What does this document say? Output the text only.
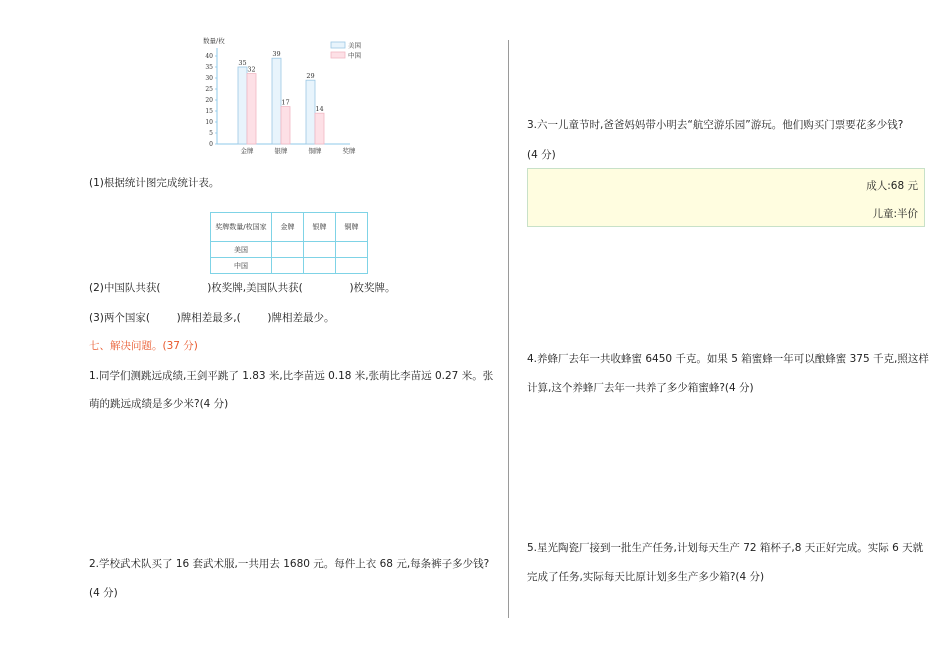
0
5
10
15
20
25
30
35
40
35
32
39
17
29
14
金牌	银牌	铜牌	奖牌
数量/枚
美国
中国
(1)根据统计图完成统计表。
奖牌数量/枚国家	金牌	银牌	铜牌
美国			
中国			
(2)中国队共获(              )枚奖牌,美国队共获(              )枚奖牌。
(3)两个国家(        )牌相差最多,(        )牌相差最少。
七、解决问题。(37 分)
1.同学们测跳远成绩,王剑平跳了 1.83 米,比李苗远 0.18 米,张萌比李苗远 0.27 米。张
萌的跳远成绩是多少米?(4 分)
2.学校武术队买了 16 套武术服,一共用去 1680 元。每件上衣 68 元,每条裤子多少钱?
(4 分)
3.六一儿童节时,爸爸妈妈带小明去“航空游乐园”游玩。他们购买门票要花多少钱?
(4 分)
成人:68 元
儿童:半价
4.养蜂厂去年一共收蜂蜜 6450 千克。如果 5 箱蜜蜂一年可以酿蜂蜜 375 千克,照这样
计算,这个养蜂厂去年一共养了多少箱蜜蜂?(4 分)
5.星光陶瓷厂接到一批生产任务,计划每天生产 72 箱杯子,8 天正好完成。实际 6 天就
完成了任务,实际每天比原计划多生产多少箱?(4 分)
